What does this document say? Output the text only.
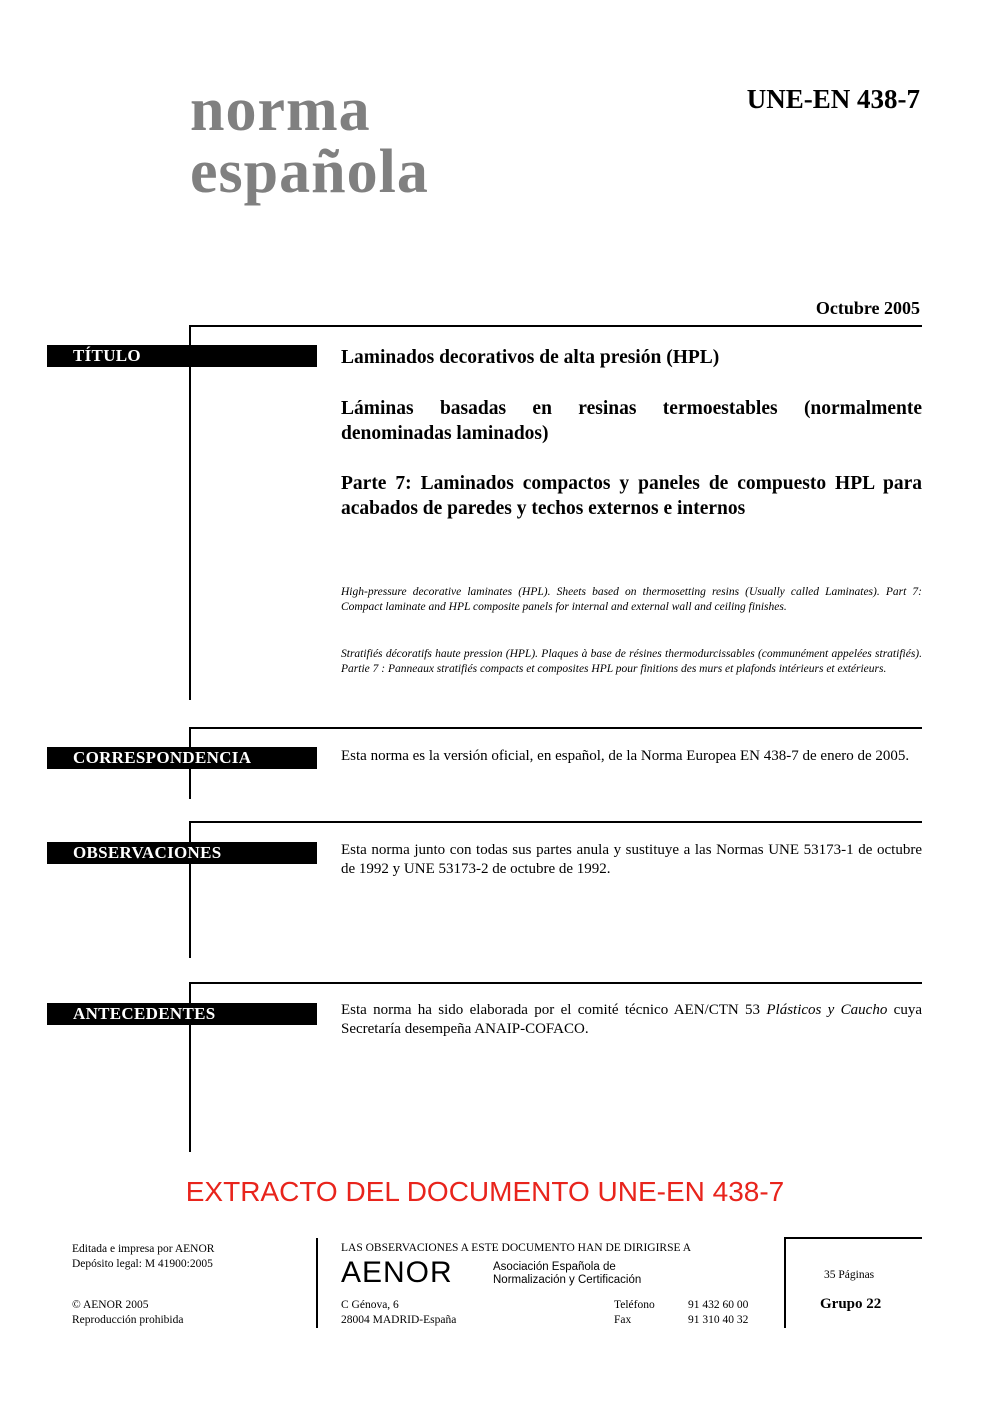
norma
española
UNE-EN 438-7
Octubre 2005
TÍTULO	Laminados decorativos de alta presión (HPL)
Láminas basadas en resinas termoestables (normalmente denominadas laminados)
Parte 7: Laminados compactos y paneles de compuesto HPL para acabados de paredes y techos externos e internos
High-pressure decorative laminates (HPL). Sheets based on thermosetting resins (Usually called Laminates). Part 7: Compact laminate and HPL composite panels for internal and external wall and ceiling finishes.
Stratifiés décoratifs haute pression (HPL). Plaques à base de résines thermodurcissables (communément appelées stratifiés). Partie 7 : Panneaux stratifiés compacts et composites HPL pour finitions des murs et plafonds intérieurs et extérieurs.
CORRESPONDENCIA	Esta norma es la versión oficial, en español, de la Norma Europea EN 438-7 de enero de 2005.
OBSERVACIONES	Esta norma junto con todas sus partes anula y sustituye a las Normas UNE 53173-1 de octubre de 1992 y UNE 53173-2 de octubre de 1992.
ANTECEDENTES	Esta norma ha sido elaborada por el comité técnico AEN/CTN 53 Plásticos y Caucho cuya Secretaría desempeña ANAIP-COFACO.
EXTRACTO DEL DOCUMENTO UNE-EN 438-7
Editada e impresa por AENOR
Depósito legal: M 41900:2005
© AENOR 2005
Reproducción prohibida
LAS OBSERVACIONES A ESTE DOCUMENTO HAN DE DIRIGIRSE A
AENOR	Asociación Española de
Normalización y Certificación
C Génova, 6
28004 MADRID-España
Teléfono	91 432 60 00
Fax	91 310 40 32
35 Páginas
Grupo 22
